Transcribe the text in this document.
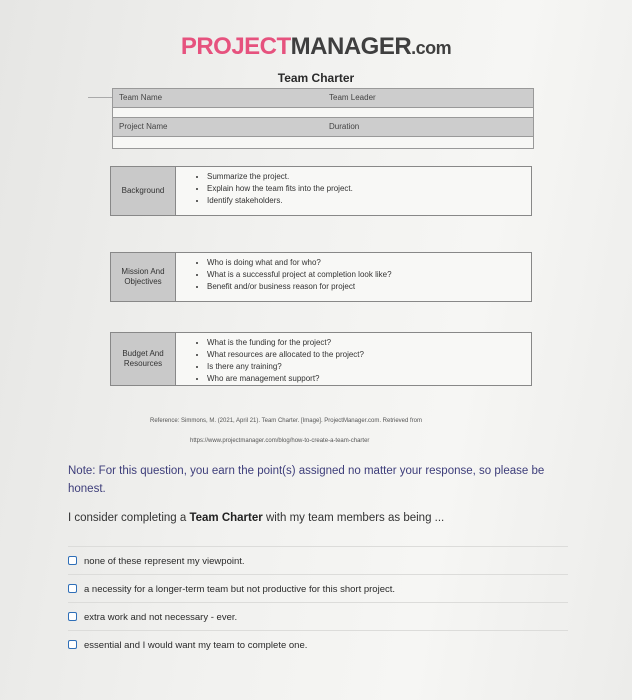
PROJECTMANAGER.com
Team Charter
Team Name	Team Leader
Project Name	Duration
Background
• Summarize the project.
• Explain how the team fits into the project.
• Identify stakeholders.
Mission And Objectives
• Who is doing what and for who?
• What is a successful project at completion look like?
• Benefit and/or business reason for project
Budget And Resources
• What is the funding for the project?
• What resources are allocated to the project?
• Is there any training?
• Who are management support?
Reference: Simmons, M. (2021, April 21). Team Charter. [Image]. ProjectManager.com. Retrieved from
https://www.projectmanager.com/blog/how-to-create-a-team-charter
Note: For this question, you earn the point(s) assigned no matter your response, so please be honest.
I consider completing a Team Charter with my team members as being ...
none of these represent my viewpoint.
a necessity for a longer-term team but not productive for this short project.
extra work and not necessary - ever.
essential and I would want my team to complete one.
